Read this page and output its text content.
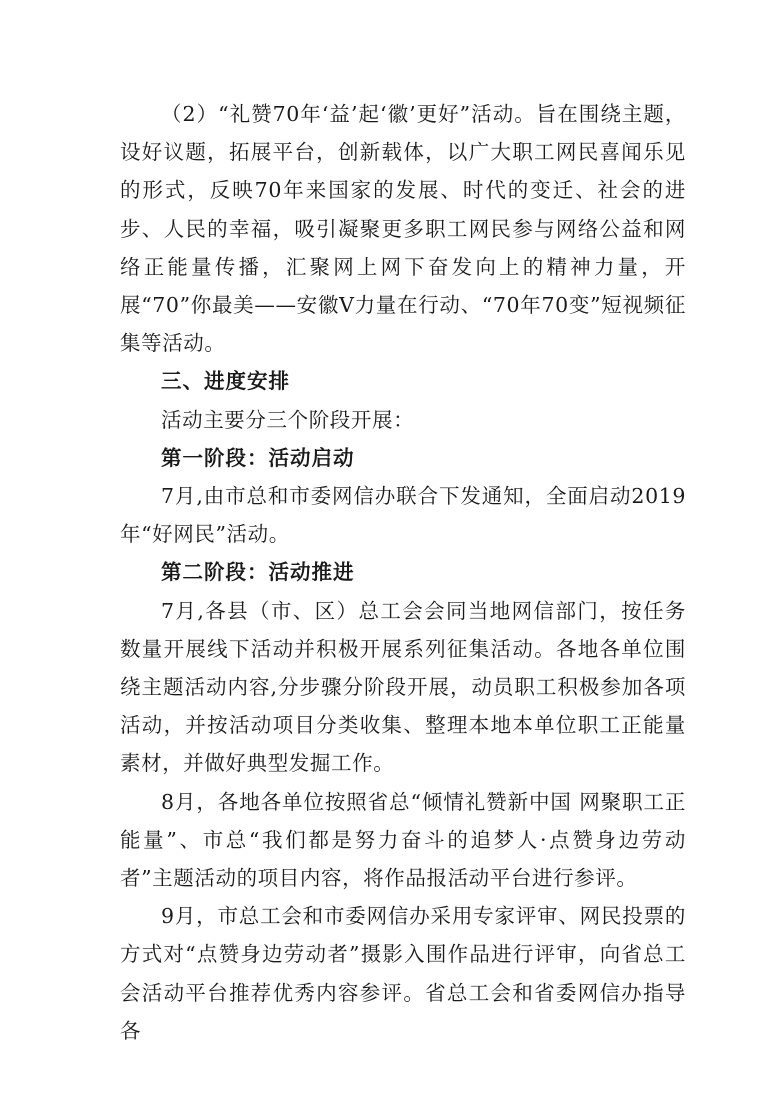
（2）“礼赞70年‘益’起‘徽’更好”活动。旨在围绕主题，设好议题，拓展平台，创新载体，以广大职工网民喜闻乐见的形式，反映70年来国家的发展、时代的变迁、社会的进步、人民的幸福，吸引凝聚更多职工网民参与网络公益和网络正能量传播，汇聚网上网下奋发向上的精神力量，开展“70”你最美——安徽V力量在行动、“70年70变”短视频征集等活动。

三、进度安排

活动主要分三个阶段开展：

第一阶段：活动启动

7月,由市总和市委网信办联合下发通知，全面启动2019年“好网民”活动。

第二阶段：活动推进

7月,各县（市、区）总工会会同当地网信部门，按任务数量开展线下活动并积极开展系列征集活动。各地各单位围绕主题活动内容,分步骤分阶段开展，动员职工积极参加各项活动，并按活动项目分类收集、整理本地本单位职工正能量素材，并做好典型发掘工作。

8月，各地各单位按照省总“倾情礼赞新中国 网聚职工正能量”、市总“我们都是努力奋斗的追梦人·点赞身边劳动者”主题活动的项目内容，将作品报活动平台进行参评。

9月，市总工会和市委网信办采用专家评审、网民投票的方式对“点赞身边劳动者”摄影入围作品进行评审，向省总工会活动平台推荐优秀内容参评。省总工会和省委网信办指导各
